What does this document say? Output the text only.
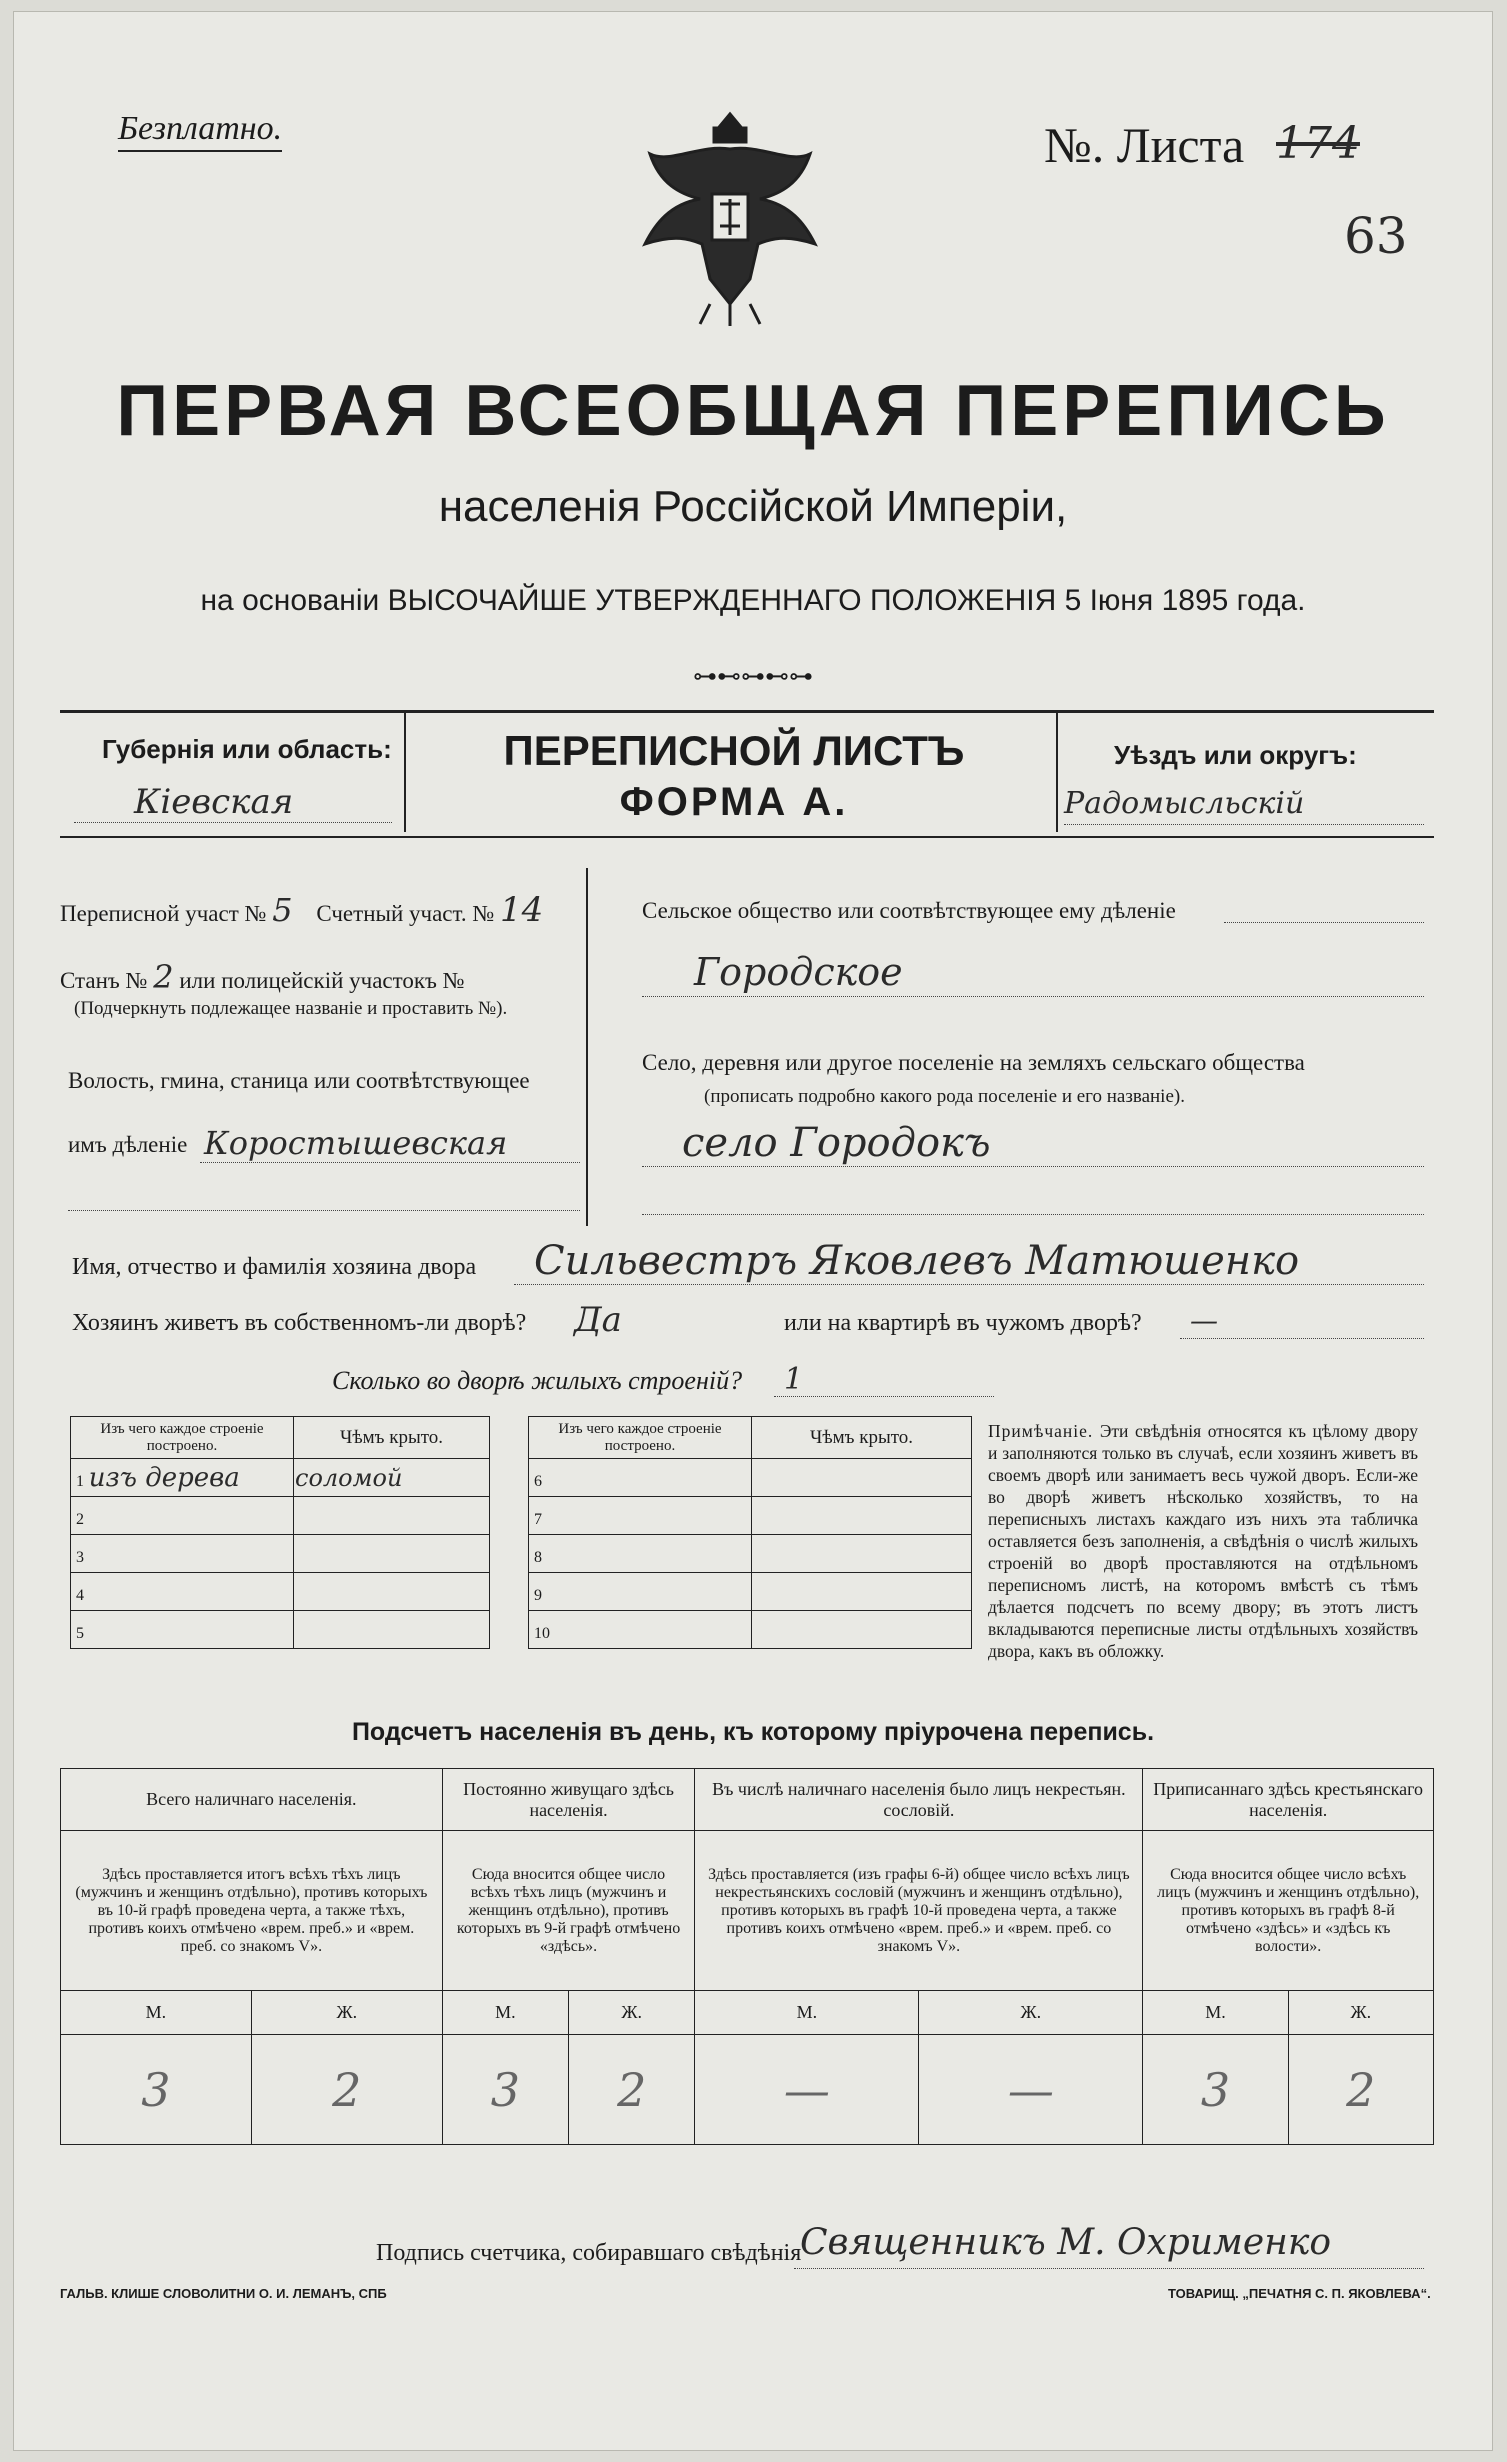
Безплатно.	№. Листа 174
63
ПЕРВАЯ ВСЕОБЩАЯ ПЕРЕПИСЬ
населенія Россійской Имперіи,
на основаніи ВЫСОЧАЙШЕ УТВЕРЖДЕННАГО ПОЛОЖЕНІЯ 5 Іюня 1895 года.
⊶⊷⊶⊷⊶
Губернія или область:
Кіевская
ПЕРЕПИСНОЙ ЛИСТЪ
ФОРМА А.
Уѣздъ или округъ:
Радомысльскій
Переписной участ № 5 Счетный участ. № 14
Станъ № 2 или полицейскій участокъ №
(Подчеркнуть подлежащее названіе и проставить №).
Волость, гмина, станица или соотвѣтствующее
имъ дѣленіе Коростышевская
Сельское общество или соотвѣтствующее ему дѣленіе
Городское
Село, деревня или другое поселеніе на земляхъ сельскаго общества
(прописать подробно какого рода поселеніе и его названіе).
село Городокъ
Имя, отчество и фамилія хозяина двора Сильвестръ Яковлевъ Матюшенко
Хозяинъ живетъ въ собственномъ-ли дворѣ? Да	или на квартирѣ въ чужомъ дворѣ? —
Сколько во дворѣ жилыхъ строеній? 1
Изъ чего каждое строеніе построено.	Чѣмъ крыто.
1 изъ дерева	соломой
2	
3	
4	
5	
Изъ чего каждое строеніе построено.	Чѣмъ крыто.
6	
7	
8	
9	
10	
Примѣчаніе. Эти свѣдѣнія относятся къ цѣлому двору и заполняются только въ случаѣ, если хозяинъ живетъ въ своемъ дворѣ или занимаетъ весь чужой дворъ. Если-же во дворѣ живетъ нѣсколько хозяйствъ, то на переписныхъ листахъ каждаго изъ нихъ эта табличка оставляется безъ заполненія, а свѣдѣнія о числѣ жилыхъ строеній во дворѣ проставляются на отдѣльномъ переписномъ листѣ, на которомъ вмѣстѣ съ тѣмъ дѣлается подсчетъ по всему двору; въ этотъ листъ вкладываются переписные листы отдѣльныхъ хозяйствъ двора, какъ въ обложку.
Подсчетъ населенія въ день, къ которому пріурочена перепись.
Всего наличнаго населенія.		Постоянно живущаго здѣсь населенія.		Въ числѣ наличнаго населенія было лицъ некрестьян. сословій.		Приписаннаго здѣсь крестьянскаго населенія.	
Здѣсь проставляется итогъ всѣхъ тѣхъ лицъ (мужчинъ и женщинъ отдѣльно), противъ которыхъ въ 10-й графѣ проведена черта, а также тѣхъ, противъ коихъ отмѣчено «врем. преб.» и «врем. преб. со знакомъ V».		Сюда вносится общее число всѣхъ тѣхъ лицъ (мужчинъ и женщинъ отдѣльно), противъ которыхъ въ 9-й графѣ отмѣчено «здѣсь».		Здѣсь проставляется (изъ графы 6-й) общее число всѣхъ лицъ некрестьянскихъ сословій (мужчинъ и женщинъ отдѣльно), противъ которыхъ въ графѣ 10-й проведена черта, а также противъ коихъ отмѣчено «врем. преб.» и «врем. преб. со знакомъ V».		Сюда вносится общее число всѣхъ лицъ (мужчинъ и женщинъ отдѣльно), противъ которыхъ въ графѣ 8-й отмѣчено «здѣсь» и «здѣсь къ волости».	
М.	Ж.	М.	Ж.	М.	Ж.	М.	Ж.
3	2	3	2	—	—	3	2
Подпись счетчика, собиравшаго свѣдѣнія
Священникъ М. Охрименко
ГАЛЬВ. КЛИШЕ СЛОВОЛИТНИ О. И. ЛЕМАНЪ, СПБ	ТОВАРИЩ. „ПЕЧАТНЯ С. П. ЯКОВЛЕВА“.
